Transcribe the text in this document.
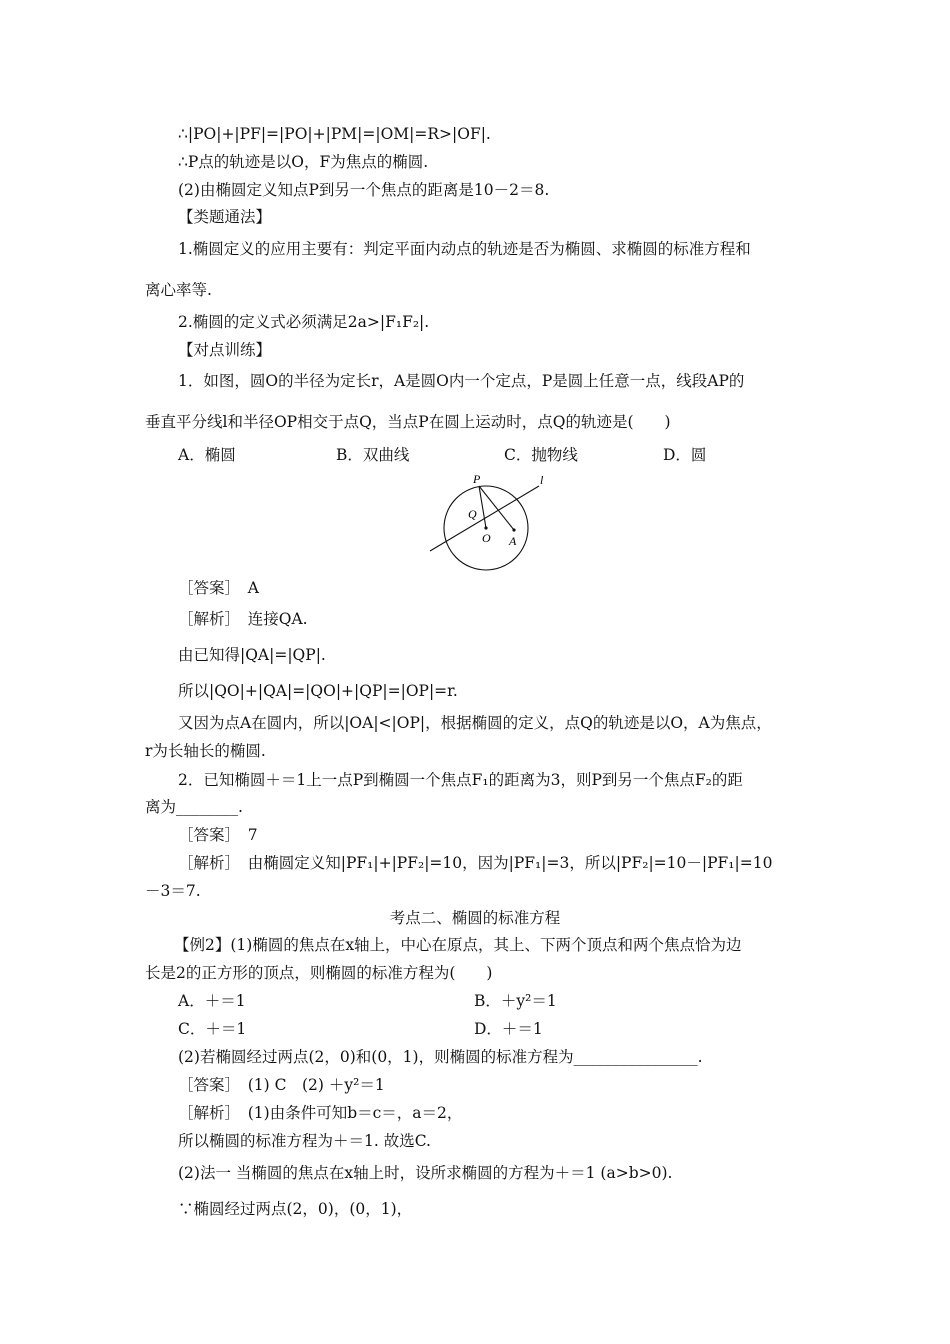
∴|PO|+|PF|=|PO|+|PM|=|OM|=R>|OF|.
∴P点的轨迹是以O，F为焦点的椭圆.
(2)由椭圆定义知点P到另一个焦点的距离是10－2＝8.
【类题通法】
1.椭圆定义的应用主要有：判定平面内动点的轨迹是否为椭圆、求椭圆的标准方程和
离心率等.
2.椭圆的定义式必须满足2a>|F₁F₂|.
【对点训练】
1．如图，圆O的半径为定长r，A是圆O内一个定点，P是圆上任意一点，线段AP的
垂直平分线l和半径OP相交于点Q，当点P在圆上运动时，点Q的轨迹是(　　)
A．椭圆	B．双曲线	C．抛物线	D．圆
P	l
Q
O A
［答案］　A
［解析］　连接QA.
由已知得|QA|=|QP|.
所以|QO|+|QA|=|QO|+|QP|=|OP|=r.
又因为点A在圆内，所以|OA|<|OP|，根据椭圆的定义，点Q的轨迹是以O，A为焦点，
r为长轴长的椭圆.
2．已知椭圆＋＝1上一点P到椭圆一个焦点F₁的距离为3，则P到另一个焦点F₂的距
离为________.
［答案］　7
［解析］　由椭圆定义知|PF₁|+|PF₂|=10，因为|PF₁|=3，所以|PF₂|=10－|PF₁|=10
－3＝7.
考点二、椭圆的标准方程
【例2】(1)椭圆的焦点在x轴上，中心在原点，其上、下两个顶点和两个焦点恰为边
长是2的正方形的顶点，则椭圆的标准方程为(　　)
A．＋＝1	B．＋y²＝1
C．＋＝1	D．＋＝1
(2)若椭圆经过两点(2，0)和(0，1)，则椭圆的标准方程为________________.
［答案］　(1) C　(2) ＋y²＝1
［解析］　(1)由条件可知b＝c＝，a＝2，
所以椭圆的标准方程为＋＝1. 故选C.
(2)法一 当椭圆的焦点在x轴上时，设所求椭圆的方程为＋＝1 (a>b>0).
∵椭圆经过两点(2，0)，(0，1)，
